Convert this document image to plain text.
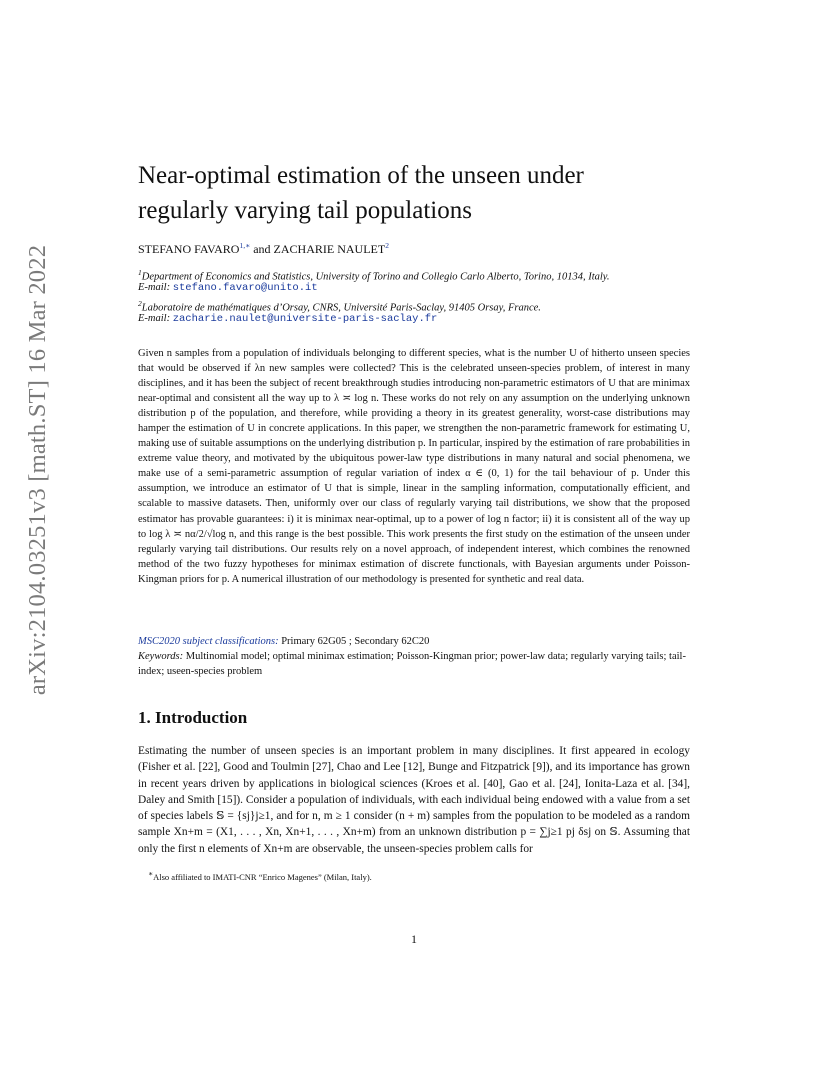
arXiv:2104.03251v3 [math.ST] 16 Mar 2022
Near-optimal estimation of the unseen under
regularly varying tail populations
STEFANO $FAVARO^{1,∗}$ and ZACHARIE NAULET$^2$
$^1$Department of Economics and Statistics, University of Torino and Collegio Carlo Alberto, Torino, 10134, Italy.
E-mail: stefano.favaro@unito.it
$^2$Laboratoire de mathématiques d’Orsay, CNRS, Université Paris-Saclay, 91405 Orsay, France.
E-mail: zacharie.naulet@universite-paris-saclay.fr

Given n samples from a population of individuals belonging to different species, what is the number U of hitherto unseen species that would be observed if λn new samples were collected? This is the celebrated unseen-species problem, of interest in many disciplines, and it has been the subject of recent breakthrough studies introducing non-parametric estimators of U that are minimax near-optimal and consistent all the way up to λ ≍ log n. These works do not rely on any assumption on the underlying unknown distribution p of the population, and therefore, while providing a theory in its greatest generality, worst-case distributions may hamper the estimation of U in concrete applications. In this paper, we strengthen the non-parametric framework for estimating U, making use of suitable assumptions on the underlying distribution p. In particular, inspired by the estimation of rare probabilities in extreme value theory, and motivated by the ubiquitous power-law type distributions in many natural and social phenomena, we make use of a semi-parametric assumption of regular variation of index α ∈ (0, 1) for the tail behaviour of p. Under this assumption, we introduce an estimator of U that is simple, linear in the sampling information, computationally efficient, and scalable to massive datasets. Then, uniformly over our class of regularly varying tail distributions, we show that the proposed estimator has provable guarantees: i) it is minimax near-optimal, up to a power of log n factor; ii) it is consistent all of the way up to log λ ≍ nα/2/√log n, and this range is the best possible. This work presents the first study on the estimation of the unseen under regularly varying tail distributions. Our results rely on a novel approach, of independent interest, which combines the renowned method of the two fuzzy hypotheses for minimax estimation of discrete functionals, with Bayesian arguments under Poisson-Kingman priors for p. A numerical illustration of our methodology is presented for synthetic and real data.

MSC2020 subject classifications: Primary 62G05 ; Secondary 62C20
Keywords: Multinomial model; optimal minimax estimation; Poisson-Kingman prior; power-law data; regularly varying tails; tail-index; useen-species problem
1. Introduction

Estimating the number of unseen species is an important problem in many disciplines. It first appeared in ecology (Fisher et al. [22], Good and Toulmin [27], Chao and Lee [12], Bunge and Fitzpatrick [9]), and its importance has grown in recent years driven by applications in biological sciences (Kroes et al. [40], Gao et al. [24], Ionita-Laza et al. [34], Daley and Smith [15]). Consider a population of individuals, with each individual being endowed with a value from a set of species labels 𝕊 = {sj}j≥1, and for n, m ≥ 1 consider (n + m) samples from the population to be modeled as a random sample Xn+m = (X1, . . . , Xn, Xn+1, . . . , Xn+m) from an unknown distribution p = ∑j≥1 pj δsj on 𝕊. Assuming that only the first n elements of Xn+m are observable, the unseen-species problem calls for

∗Also affiliated to IMATI-CNR “Enrico Magenes” (Milan, Italy).
1
